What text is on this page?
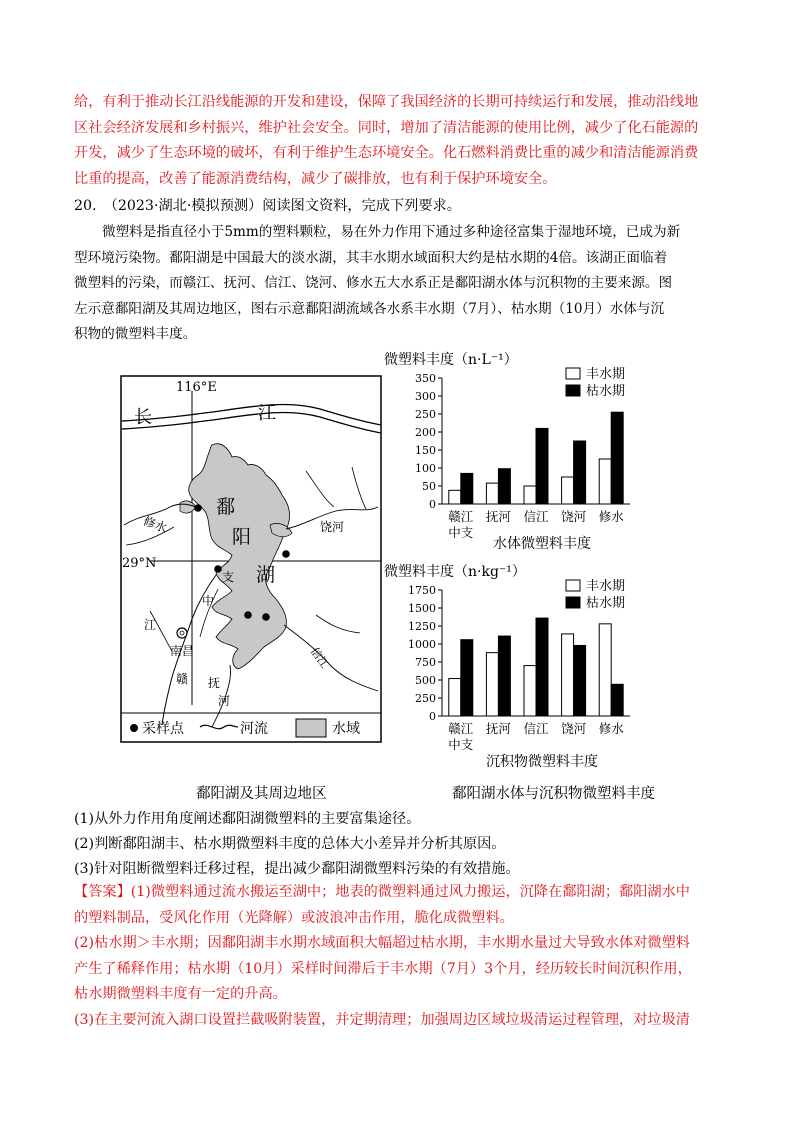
给，有利于推动长江沿线能源的开发和建设，保障了我国经济的长期可持续运行和发展，推动沿线地
区社会经济发展和乡村振兴，维护社会安全。同时，增加了清洁能源的使用比例，减少了化石能源的
开发，减少了生态环境的破坏，有利于维护生态环境安全。化石燃料消费比重的减少和清洁能源消费
比重的提高，改善了能源消费结构，减少了碳排放，也有利于保护环境安全。
20.　（2023·湖北·模拟预测）阅读图文资料，完成下列要求。
微塑料是指直径小于5mm的塑料颗粒，易在外力作用下通过多种途径富集于湿地环境，已成为新
型环境污染物。鄱阳湖是中国最大的淡水湖，其丰水期水域面积大约是枯水期的4倍。该湖正面临着
微塑料的污染，而赣江、抚河、信江、饶河、修水五大水系正是鄱阳湖水体与沉积物的主要来源。图
左示意鄱阳湖及其周边地区，图右示意鄱阳湖流域各水系丰水期（7月）、枯水期（10月）水体与沉
积物的微塑料丰度。
116°E
29°N
长	江
鄱
阳
湖
修水	饶河
信江
支
中
江
南昌
赣 抚
河
采样点	河流	水域
鄱阳湖及其周边地区
微塑料丰度（n·L⁻¹）
0
50
100
150
200
250
300
350
赣江
中支
抚河 信江 饶河 修水
丰水期
枯水期
水体微塑料丰度
微塑料丰度（n·kg⁻¹）
0
250
500
750
1000
1250
1500
1750
赣江
中支
抚河 信江 饶河 修水
丰水期
枯水期
沉积物微塑料丰度
鄱阳湖水体与沉积物微塑料丰度
(1)从外力作用角度阐述鄱阳湖微塑料的主要富集途径。
(2)判断鄱阳湖丰、枯水期微塑料丰度的总体大小差异并分析其原因。
(3)针对阻断微塑料迁移过程，提出减少鄱阳湖微塑料污染的有效措施。
【答案】(1)微塑料通过流水搬运至湖中；地表的微塑料通过风力搬运，沉降在鄱阳湖；鄱阳湖水中
的塑料制品，受风化作用（光降解）或波浪冲击作用，脆化成微塑料。
(2)枯水期＞丰水期；因鄱阳湖丰水期水域面积大幅超过枯水期，丰水期水量过大导致水体对微塑料
产生了稀释作用；枯水期（10月）采样时间滞后于丰水期（7月）3个月，经历较长时间沉积作用，
枯水期微塑料丰度有一定的升高。
(3)在主要河流入湖口设置拦截吸附装置，并定期清理；加强周边区域垃圾清运过程管理，对垃圾清
